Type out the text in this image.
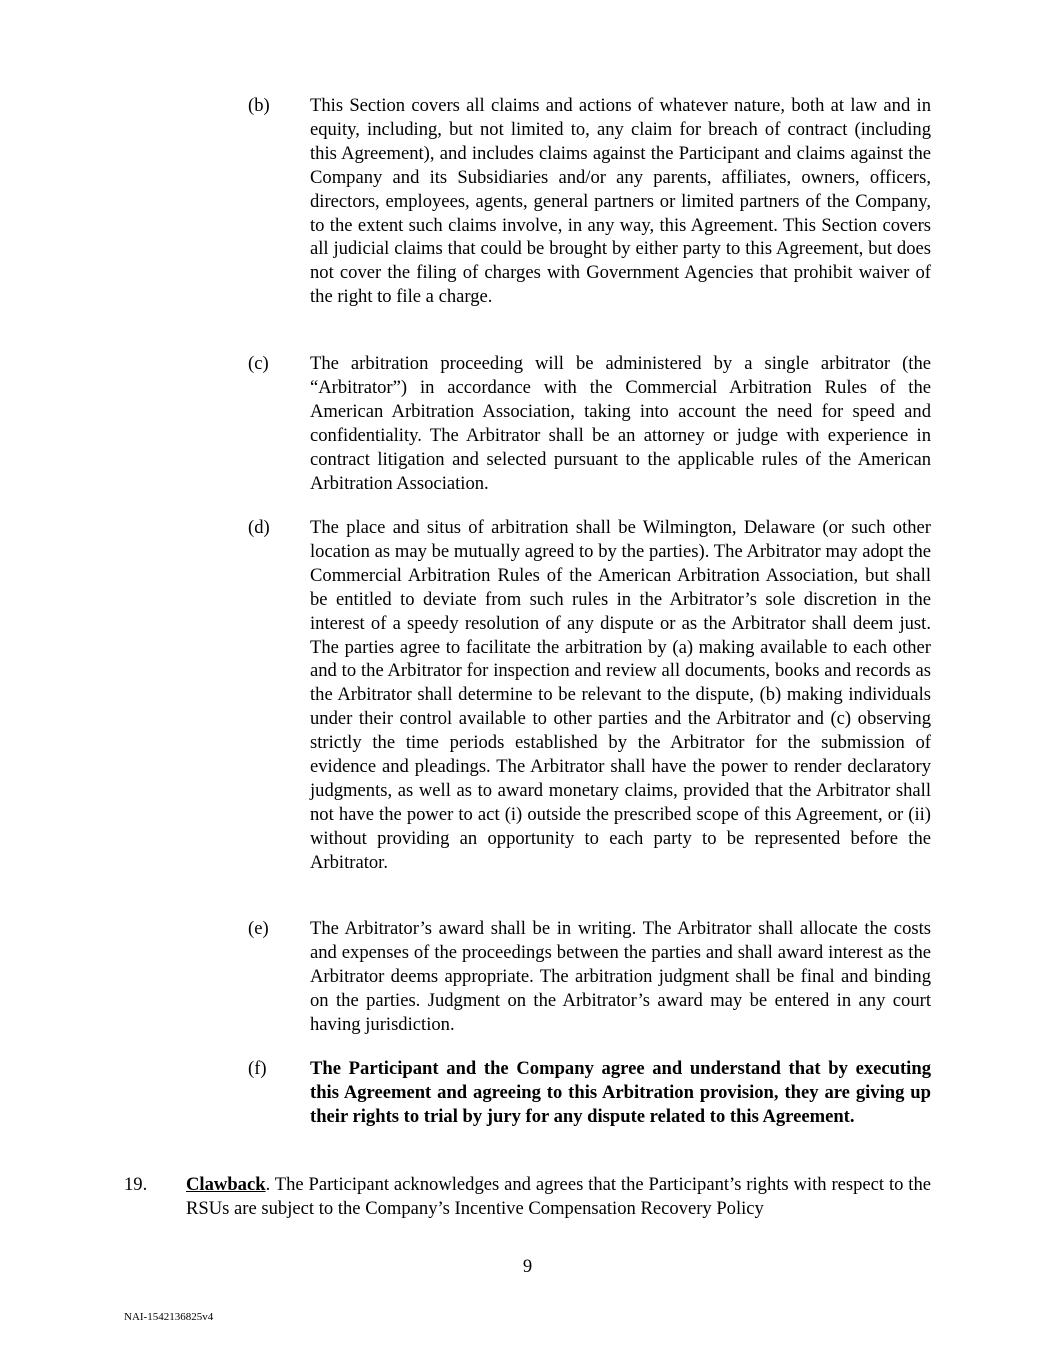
(b)	This Section covers all claims and actions of whatever nature, both at law and in equity, including, but not limited to, any claim for breach of contract (including this Agreement), and includes claims against the Participant and claims against the Company and its Subsidiaries and/or any parents, affiliates, owners, officers, directors, employees, agents, general partners or limited partners of the Company, to the extent such claims involve, in any way, this Agreement. This Section covers all judicial claims that could be brought by either party to this Agreement, but does not cover the filing of charges with Government Agencies that prohibit waiver of the right to file a charge.
(c)	The arbitration proceeding will be administered by a single arbitrator (the “Arbitrator”) in accordance with the Commercial Arbitration Rules of the American Arbitration Association, taking into account the need for speed and confidentiality. The Arbitrator shall be an attorney or judge with experience in contract litigation and selected pursuant to the applicable rules of the American Arbitration Association.
(d)	The place and situs of arbitration shall be Wilmington, Delaware (or such other location as may be mutually agreed to by the parties). The Arbitrator may adopt the Commercial Arbitration Rules of the American Arbitration Association, but shall be entitled to deviate from such rules in the Arbitrator’s sole discretion in the interest of a speedy resolution of any dispute or as the Arbitrator shall deem just. The parties agree to facilitate the arbitration by (a) making available to each other and to the Arbitrator for inspection and review all documents, books and records as the Arbitrator shall determine to be relevant to the dispute, (b) making individuals under their control available to other parties and the Arbitrator and (c) observing strictly the time periods established by the Arbitrator for the submission of evidence and pleadings. The Arbitrator shall have the power to render declaratory judgments, as well as to award monetary claims, provided that the Arbitrator shall not have the power to act (i) outside the prescribed scope of this Agreement, or (ii) without providing an opportunity to each party to be represented before the Arbitrator.
(e)	The Arbitrator’s award shall be in writing. The Arbitrator shall allocate the costs and expenses of the proceedings between the parties and shall award interest as the Arbitrator deems appropriate. The arbitration judgment shall be final and binding on the parties. Judgment on the Arbitrator’s award may be entered in any court having jurisdiction.
(f)	The Participant and the Company agree and understand that by executing this Agreement and agreeing to this Arbitration provision, they are giving up their rights to trial by jury for any dispute related to this Agreement.
19. Clawback. The Participant acknowledges and agrees that the Participant’s rights with respect to the RSUs are subject to the Company’s Incentive Compensation Recovery Policy
9
NAI-1542136825v4
